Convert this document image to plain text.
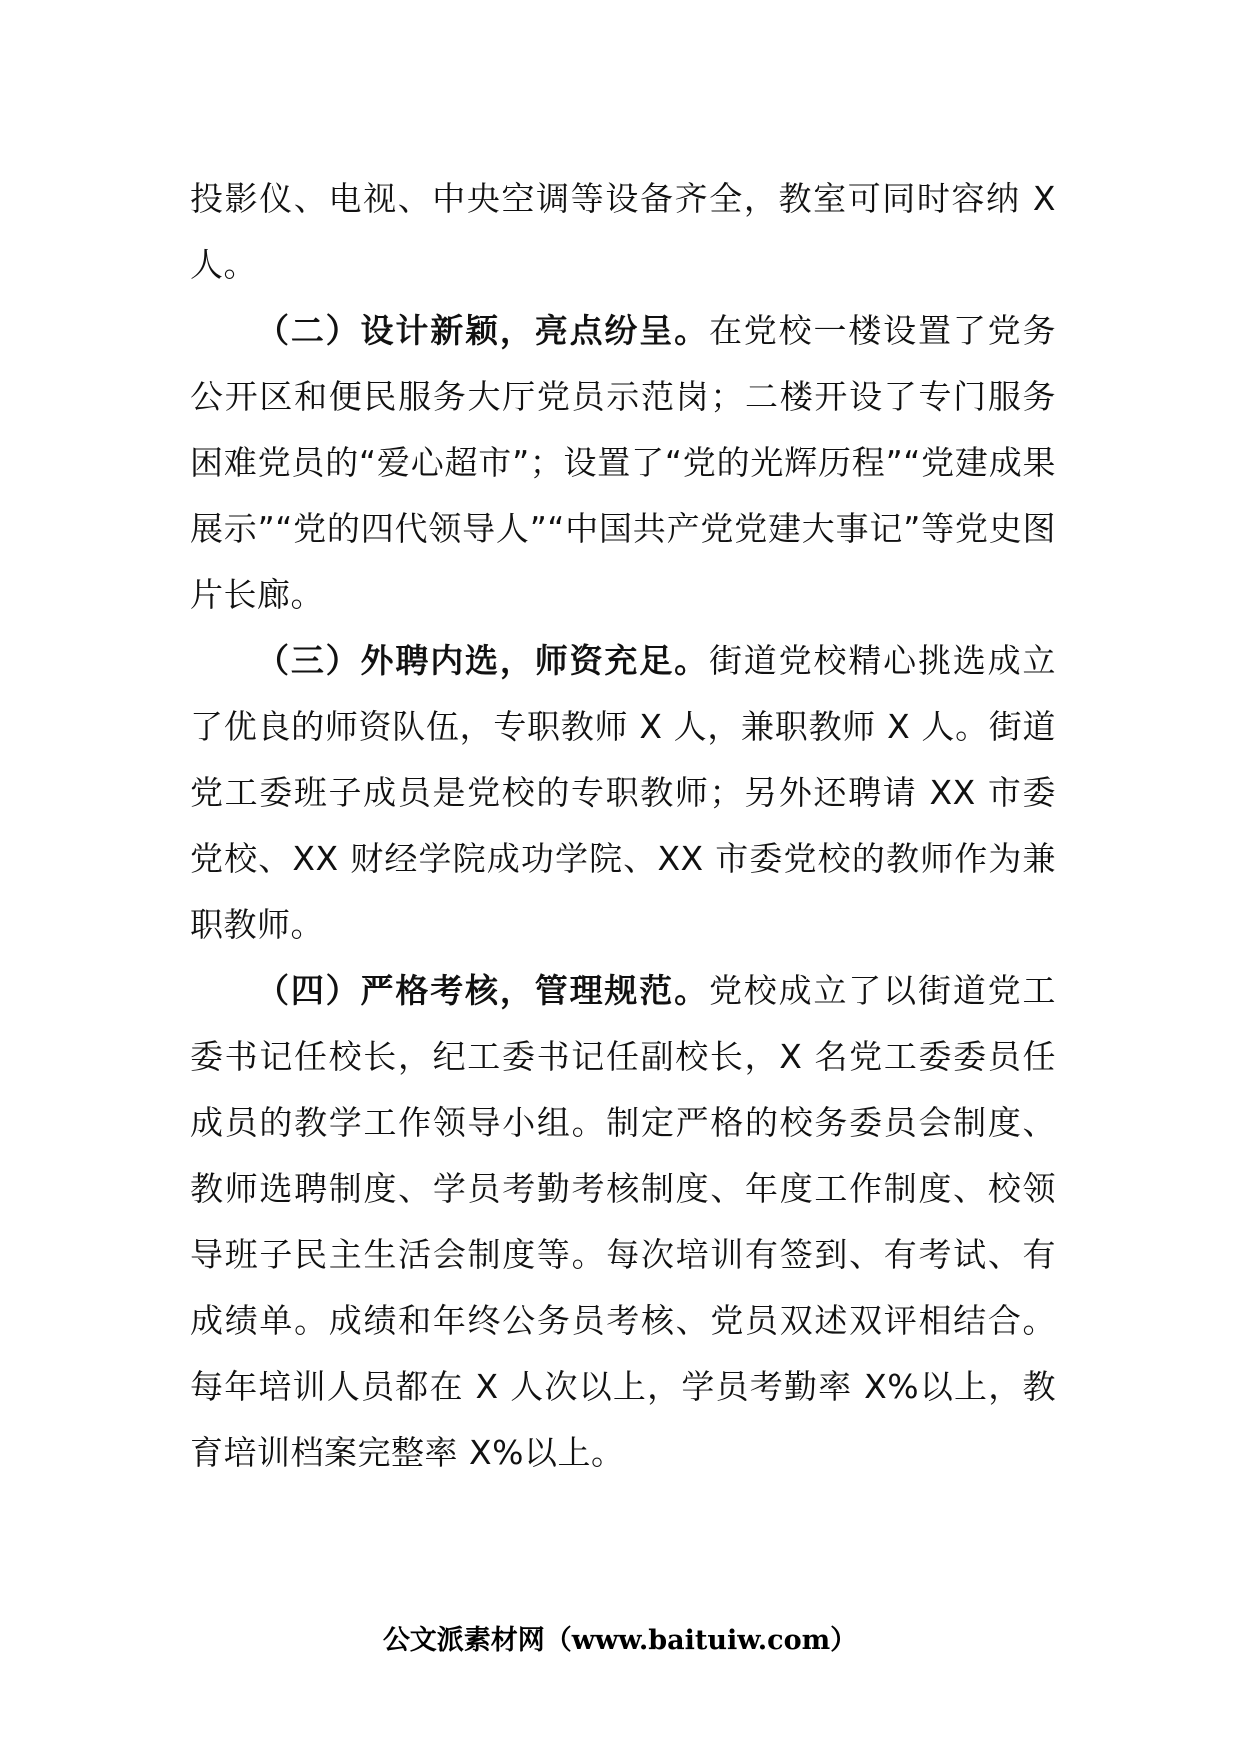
投影仪、电视、中央空调等设备齐全，教室可同时容纳 X 人。

（二）设计新颖，亮点纷呈。在党校一楼设置了党务公开区和便民服务大厅党员示范岗；二楼开设了专门服务困难党员的“爱心超市”；设置了“党的光辉历程”“党建成果展示”“党的四代领导人”“中国共产党党建大事记”等党史图片长廊。

（三）外聘内选，师资充足。街道党校精心挑选成立了优良的师资队伍，专职教师 X 人，兼职教师 X 人。街道党工委班子成员是党校的专职教师；另外还聘请 XX 市委党校、XX 财经学院成功学院、XX 市委党校的教师作为兼职教师。

（四）严格考核，管理规范。党校成立了以街道党工委书记任校长，纪工委书记任副校长，X 名党工委委员任成员的教学工作领导小组。制定严格的校务委员会制度、教师选聘制度、学员考勤考核制度、年度工作制度、校领导班子民主生活会制度等。每次培训有签到、有考试、有成绩单。成绩和年终公务员考核、党员双述双评相结合。每年培训人员都在 X 人次以上，学员考勤率 X%以上，教育培训档案完整率 X%以上。

公文派素材网（www.baituiw.com）
